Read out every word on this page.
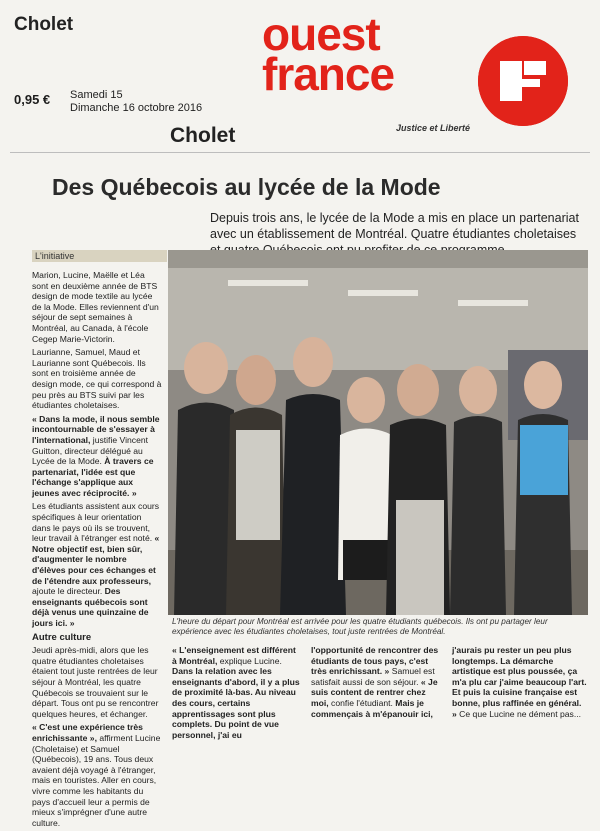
Cholet
0,95 € Samedi 15
Dimanche 16 octobre 2016
Cholet
ouest
france
Justice et Liberté
Des Québecois au lycée de la Mode
Depuis trois ans, le lycée de la Mode a mis en place un partenariat avec un établissement de Montréal. Quatre étudiantes choletaises
L'initiative

Marion, Lucine, Maëlle et Léa sont en deuxième année de BTS design de mode textile au lycée de la Mode. Elles reviennent d'un séjour de sept semaines à Montréal, au Canada, à l'école Cegep Marie-Victorin.

Laurianne, Samuel, Maud et Laurianne sont Québecois. Ils sont en troisième année de design mode, ce qui correspond à peu près au BTS suivi par les étudiantes choletaises.

« Dans la mode, il nous semble incontournable de s'essayer à l'international, justifie Vincent Guitton, directeur délégué au Lycée de la Mode. À travers ce partenariat, l'idée est que l'échange s'applique aux jeunes avec réciprocité. »

Les étudiants assistent aux cours spécifiques à leur orientation dans le pays où ils se trouvent, leur travail à l'étranger est noté. « Notre objectif est, bien sûr, d'augmenter le nombre d'élèves pour ces échanges et de l'étendre aux professeurs, ajoute le directeur. Des enseignants québecois sont déjà venus une quinzaine de jours ici. »

Autre culture

Jeudi après-midi, alors que les quatre étudiantes choletaises étaient tout juste rentrées de leur séjour à Montréal, les quatre Québecois se trouvaient sur le départ. Tous ont pu se rencontrer quelques heures, et échanger.

« C'est une expérience très enrichissante », affirment Lucine (Choletaise) et Samuel (Québecois), 19 ans. Tous deux avaient déjà voyagé à l'étranger, mais en touristes. Aller en cours, vivre comme les habitants du pays d'accueil leur a permis de mieux s'imprégner d'une autre culture.

L'heure du départ pour Montréal est arrivée pour les quatre étudiants québecois. Ils ont pu partager leur expérience avec les étudiantes choletaises, tout juste rentrées de Montréal.
« L'enseignement est différent à Montréal, explique Lucine. Dans la relation avec les enseignants d'abord, il y a plus de proximité là-bas. Au niveau des cours, certains apprentissages sont plus complets. Du point de vue personnel, j'ai eu
l'opportunité de rencontrer des étudiants de tous pays, c'est très enrichissant. » Samuel est satisfait aussi de son séjour. « Je suis content de rentrer chez moi, confie l'étudiant. Mais je commençais à m'épanouir ici,
j'aurais pu rester un peu plus longtemps. La démarche artistique est plus poussée, ça m'a plu car j'aime beaucoup l'art. Et puis la cuisine française est bonne, plus raffinée en général. » Ce que Lucine ne dément pas...
